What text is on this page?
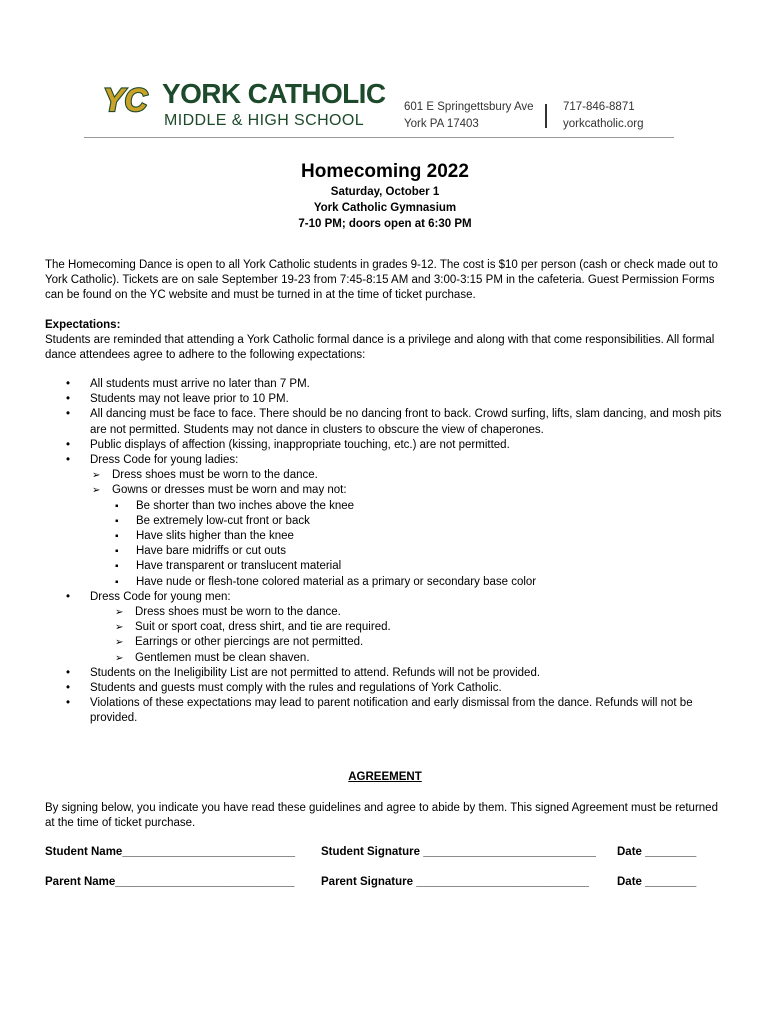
YC YORK CATHOLIC
MIDDLE & HIGH SCHOOL
601 E Springettsbury Ave
York PA 17403
717-846-8871
yorkcatholic.org
Homecoming 2022
Saturday, October 1
York Catholic Gymnasium
7-10 PM; doors open at 6:30 PM
The Homecoming Dance is open to all York Catholic students in grades 9-12. The cost is $10 per person (cash or check made out to York Catholic). Tickets are on sale September 19-23 from 7:45-8:15 AM and 3:00-3:15 PM in the cafeteria. Guest Permission Forms can be found on the YC website and must be turned in at the time of ticket purchase.
Expectations:
Students are reminded that attending a York Catholic formal dance is a privilege and along with that come responsibilities. All formal dance attendees agree to adhere to the following expectations:
• All students must arrive no later than 7 PM.
• Students may not leave prior to 10 PM.
• All dancing must be face to face. There should be no dancing front to back. Crowd surfing, lifts, slam dancing, and mosh pits are not permitted. Students may not dance in clusters to obscure the view of chaperones.
• Public displays of affection (kissing, inappropriate touching, etc.) are not permitted.
• Dress Code for young ladies:
➢ Dress shoes must be worn to the dance.
➢ Gowns or dresses must be worn and may not:
▪ Be shorter than two inches above the knee
▪ Be extremely low-cut front or back
▪ Have slits higher than the knee
▪ Have bare midriffs or cut outs
▪ Have transparent or translucent material
▪ Have nude or flesh-tone colored material as a primary or secondary base color
• Dress Code for young men:
➢ Dress shoes must be worn to the dance.
➢ Suit or sport coat, dress shirt, and tie are required.
➢ Earrings or other piercings are not permitted.
➢ Gentlemen must be clean shaven.
• Students on the Ineligibility List are not permitted to attend. Refunds will not be provided.
• Students and guests must comply with the rules and regulations of York Catholic.
• Violations of these expectations may lead to parent notification and early dismissal from the dance. Refunds will not be provided.
AGREEMENT
By signing below, you indicate you have read these guidelines and agree to abide by them. This signed Agreement must be returned at the time of ticket purchase.
Student Name___________________________ Student Signature ___________________________ Date ________
Parent Name____________________________ Parent Signature ___________________________ Date ________
